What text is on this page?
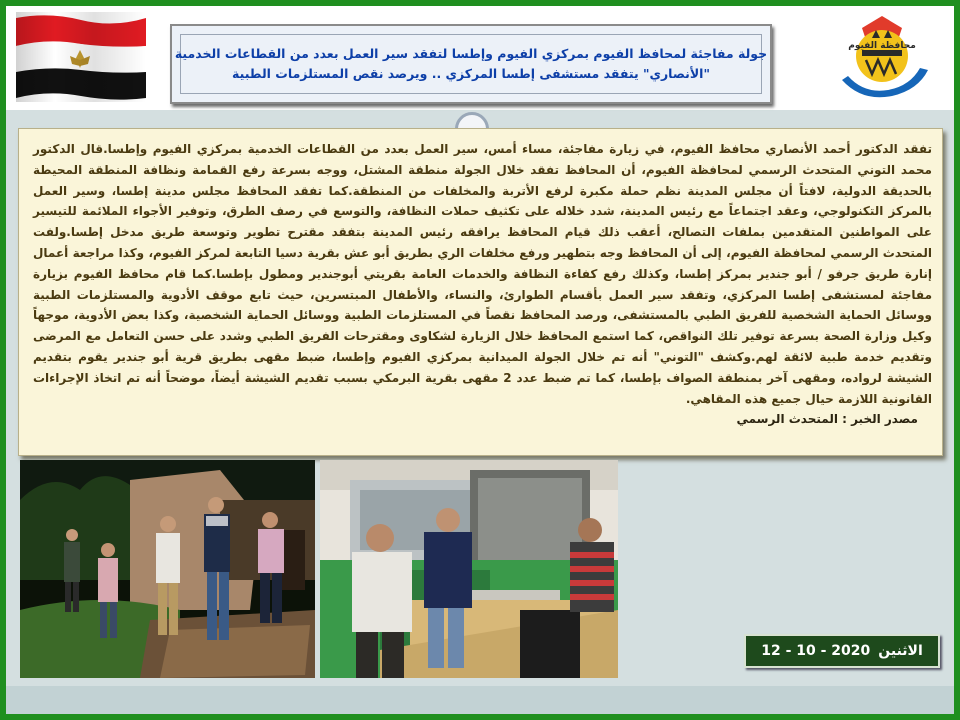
محافظة الفيوم
جولة مفاجئة لمحافظ الفيوم بمركزي الفيوم وإطسا لتفقد سير العمل بعدد من القطاعات الخدمية
"الأنصاري" يتفقد مستشفى إطسا المركزي .. ويرصد نقص المستلزمات الطبية

تفقد الدكتور أحمد الأنصاري محافظ الفيوم، في زيارة مفاجئة، مساء أمس، سير العمل بعدد من القطاعات الخدمية بمركزي الفيوم وإطسا.قال الدكتور محمد التوني المتحدث الرسمي لمحافظة الفيوم، أن المحافظ تفقد خلال الجولة منطقة المشتل، ووجه بسرعة رفع القمامة ونظافة المنطقة المحيطة بالحديقة الدولية، لافتاً أن مجلس المدينة نظم حملة مكبرة لرفع الأتربة والمخلفات من المنطقة.كما تفقد المحافظ مجلس مدينة إطسا، وسير العمل بالمركز التكنولوجي، وعقد اجتماعاً مع رئيس المدينة، شدد خلاله على تكثيف حملات النظافة، والتوسع في رصف الطرق، وتوفير الأجواء الملائمة للتيسير على المواطنين المتقدمين بملفات التصالح، أعقب ذلك قيام المحافظ يرافقه رئيس المدينة بتفقد مقترح تطوير وتوسعة طريق مدخل إطسا.ولفت المتحدث الرسمي لمحافظة الفيوم، إلى أن المحافظ وجه بتطهير ورفع مخلفات الري بطريق أبو عش بقرية دسيا التابعة لمركز الفيوم، وكذا مراجعة أعمال إنارة طريق جرفو / أبو جندير بمركز إطسا، وكذلك رفع كفاءة النظافة والخدمات العامة بقريتي أبوجندير ومطول بإطسا.كما قام محافظ الفيوم بزيارة مفاجئة لمستشفى إطسا المركزي، وتفقد سير العمل بأقسام الطوارئ، والنساء، والأطفال المبتسرين، حيث تابع موقف الأدوية والمستلزمات الطبية ووسائل الحماية الشخصية للفريق الطبي بالمستشفى، ورصد المحافظ نقصاً في المستلزمات الطبية ووسائل الحماية الشخصية، وكذا بعض الأدوية، موجهاً وكيل وزارة الصحة بسرعة توفير تلك النواقص، كما استمع المحافظ خلال الزيارة لشكاوى ومقترحات الفريق الطبي وشدد على حسن التعامل مع المرضى وتقديم خدمة طبية لائقة لهم.وكشف "التوني" أنه تم خلال الجولة الميدانية بمركزي الفيوم وإطسا، ضبط مقهى بطريق قرية أبو جندير يقوم بتقديم الشيشة لرواده، ومقهى آخر بمنطقة الصواف بإطسا، كما تم ضبط عدد 2 مقهى بقرية البرمكي بسبب تقديم الشيشة أيضاً، موضحاً أنه تم اتخاذ الإجراءات القانونية اللازمة حيال جميع هذه المقاهي.

مصدر الخبر : المتحدث الرسمي

الاثنين
12 - 10 - 2020
